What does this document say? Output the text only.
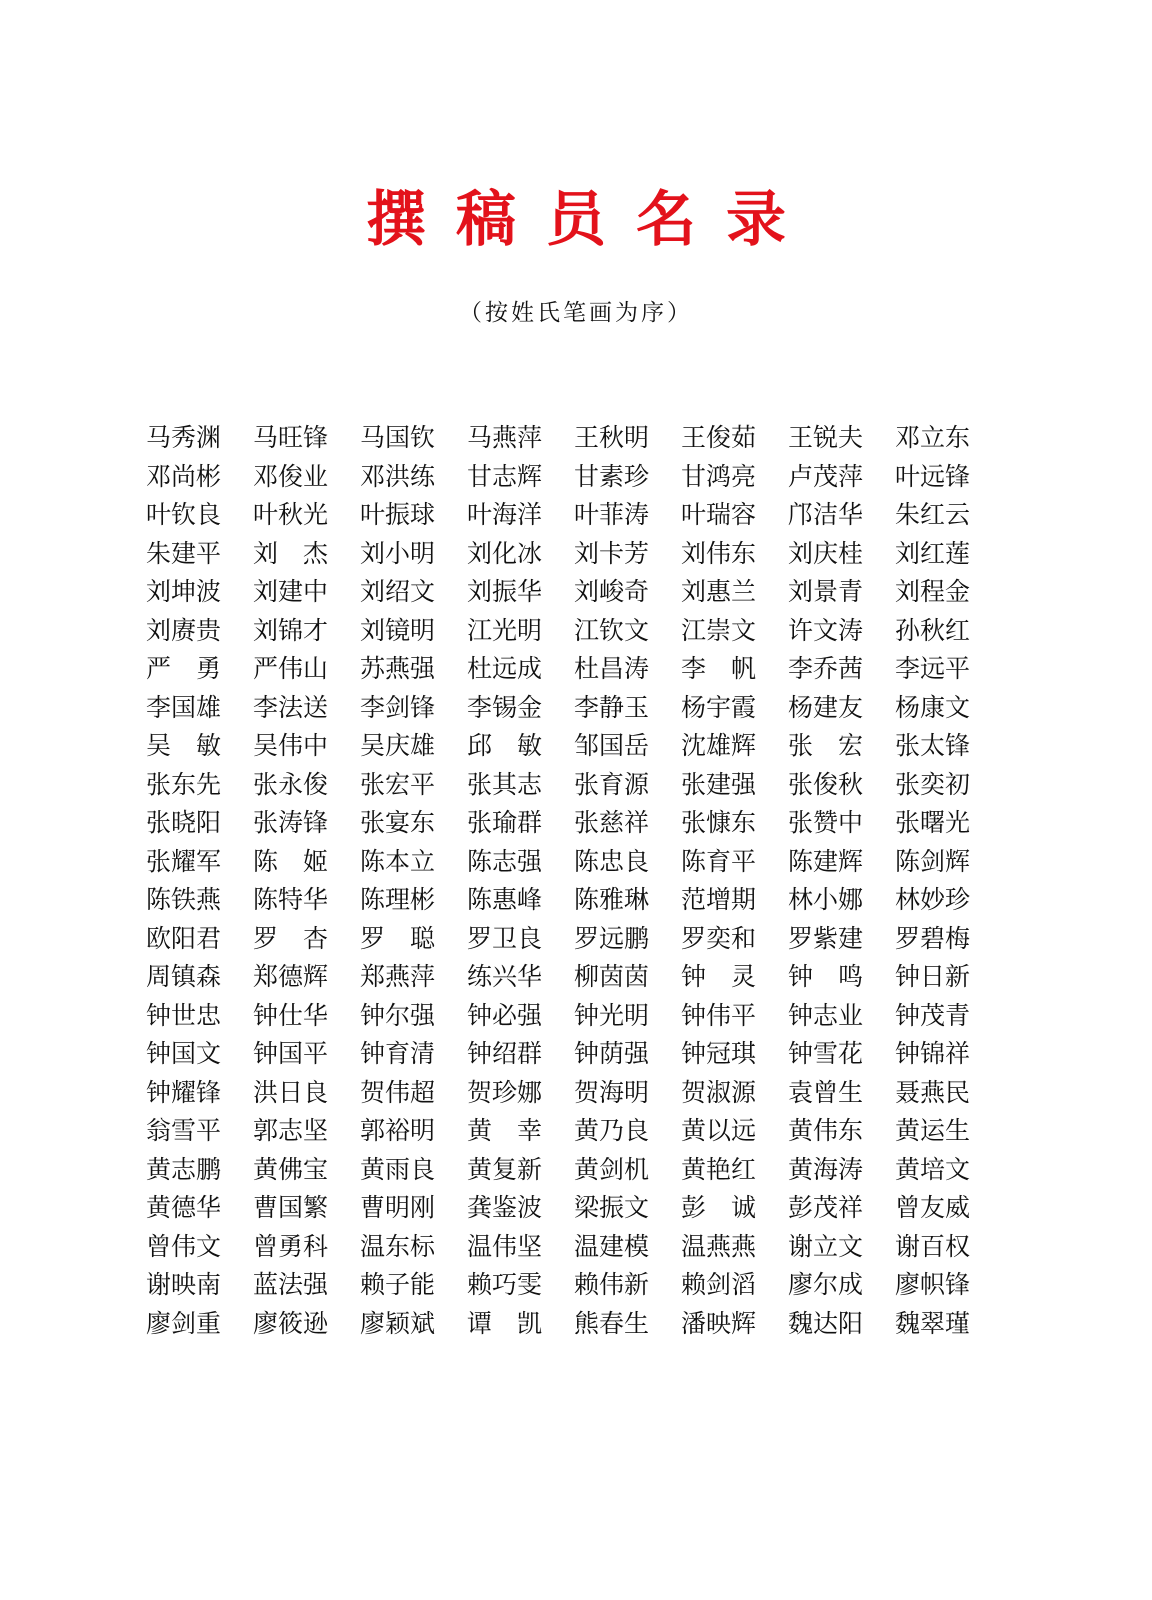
撰稿员名录
（按姓氏笔画为序）
马秀渊	马旺锋	马国钦	马燕萍	王秋明	王俊茹	王锐夫	邓立东
邓尚彬	邓俊业	邓洪练	甘志辉	甘素珍	甘鸿亮	卢茂萍	叶远锋
叶钦良	叶秋光	叶振球	叶海洋	叶菲涛	叶瑞容	邝洁华	朱红云
朱建平	刘　杰	刘小明	刘化冰	刘卡芳	刘伟东	刘庆桂	刘红莲
刘坤波	刘建中	刘绍文	刘振华	刘峻奇	刘惠兰	刘景青	刘程金
刘赓贵	刘锦才	刘镜明	江光明	江钦文	江崇文	许文涛	孙秋红
严　勇	严伟山	苏燕强	杜远成	杜昌涛	李　帆	李乔茜	李远平
李国雄	李法送	李剑锋	李锡金	李静玉	杨宇霞	杨建友	杨康文
吴　敏	吴伟中	吴庆雄	邱　敏	邹国岳	沈雄辉	张　宏	张太锋
张东先	张永俊	张宏平	张其志	张育源	张建强	张俊秋	张奕初
张晓阳	张涛锋	张宴东	张瑜群	张慈祥	张慷东	张赞中	张曙光
张耀军	陈　姬	陈本立	陈志强	陈忠良	陈育平	陈建辉	陈剑辉
陈铁燕	陈特华	陈理彬	陈惠峰	陈雅琳	范增期	林小娜	林妙珍
欧阳君	罗　杏	罗　聪	罗卫良	罗远鹏	罗奕和	罗紫建	罗碧梅
周镇森	郑德辉	郑燕萍	练兴华	柳茵茵	钟　灵	钟　鸣	钟日新
钟世忠	钟仕华	钟尔强	钟必强	钟光明	钟伟平	钟志业	钟茂青
钟国文	钟国平	钟育清	钟绍群	钟荫强	钟冠琪	钟雪花	钟锦祥
钟耀锋	洪日良	贺伟超	贺珍娜	贺海明	贺淑源	袁曾生	聂燕民
翁雪平	郭志坚	郭裕明	黄　幸	黄乃良	黄以远	黄伟东	黄运生
黄志鹏	黄佛宝	黄雨良	黄复新	黄剑机	黄艳红	黄海涛	黄培文
黄德华	曹国繁	曹明刚	龚鉴波	梁振文	彭　诚	彭茂祥	曾友威
曾伟文	曾勇科	温东标	温伟坚	温建模	温燕燕	谢立文	谢百权
谢映南	蓝法强	赖子能	赖巧雯	赖伟新	赖剑滔	廖尔成	廖帜锋
廖剑重	廖筱逊	廖颖斌	谭　凯	熊春生	潘映辉	魏达阳	魏翠瑾
